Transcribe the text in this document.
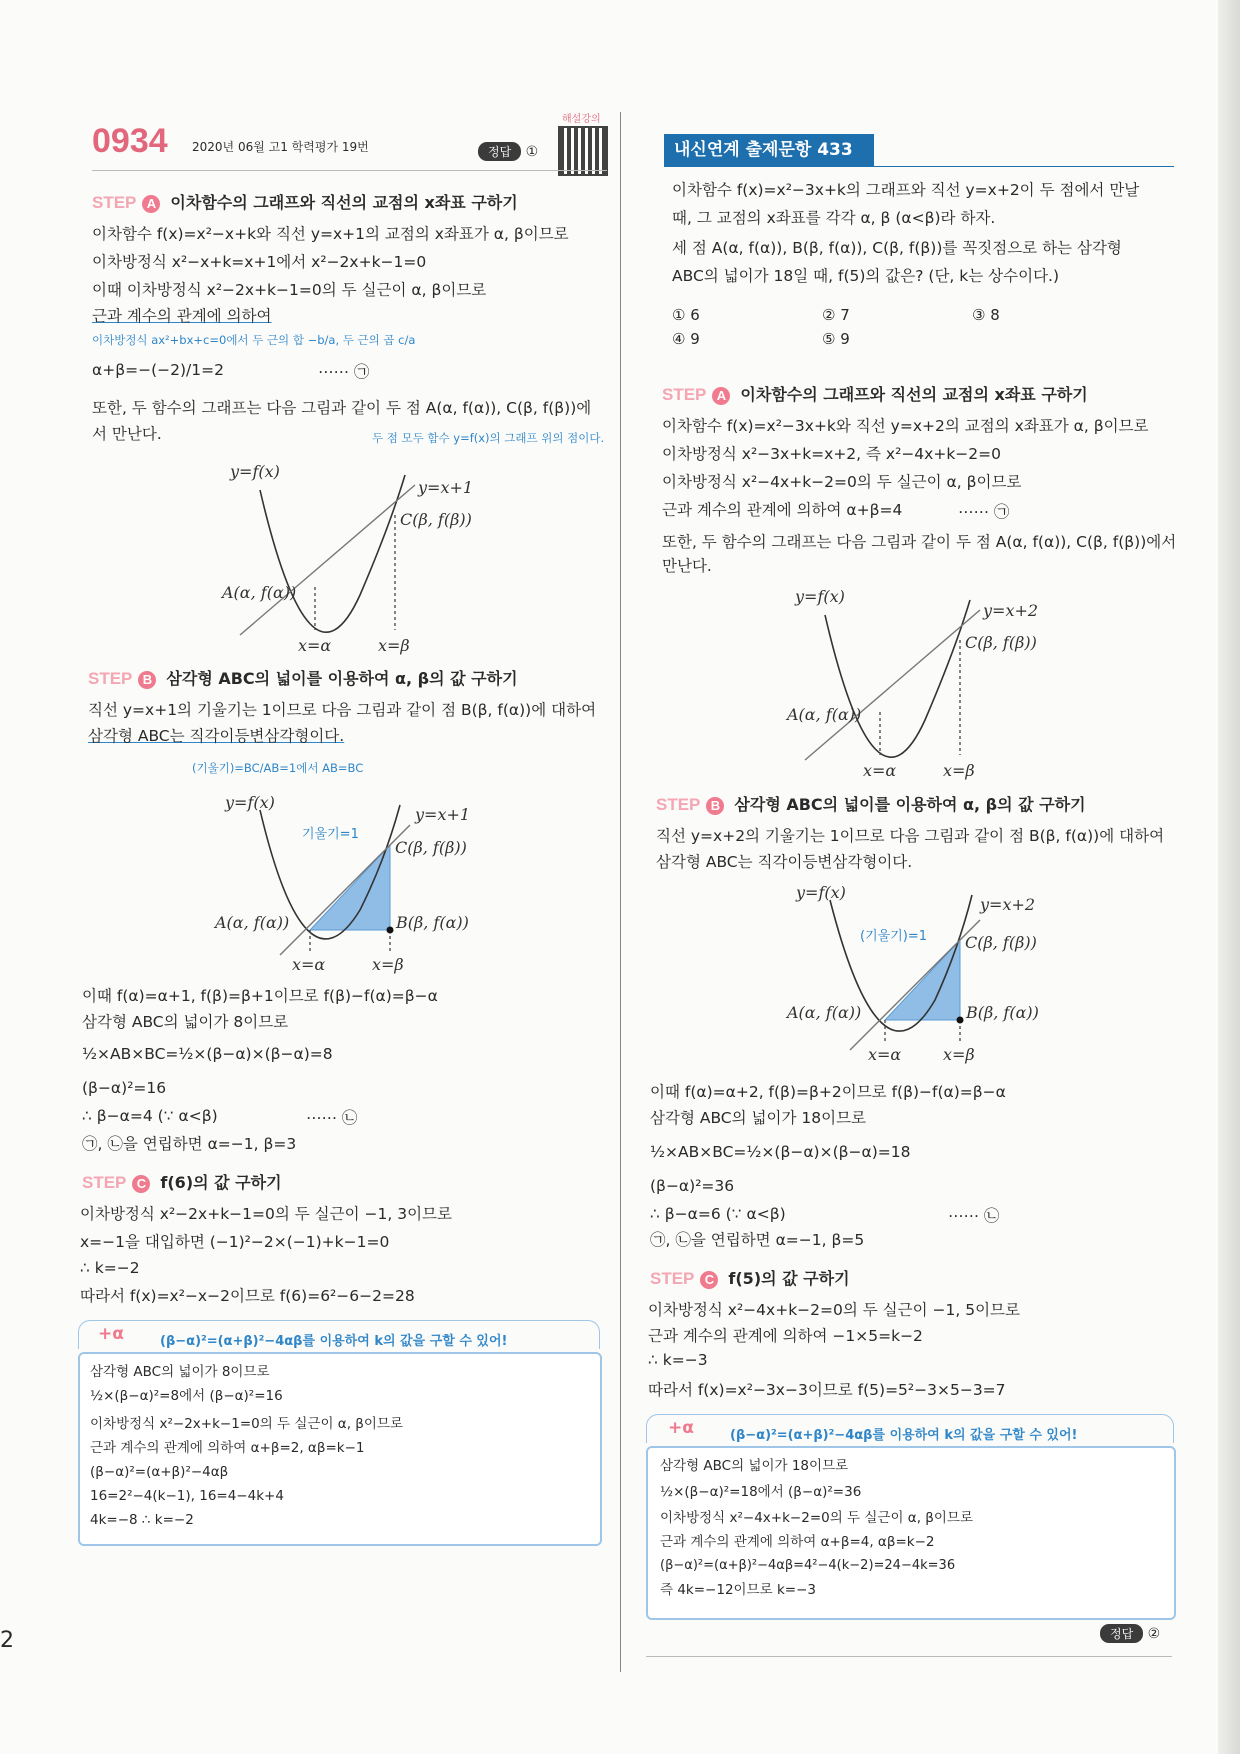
0934 2020년 06월 고1 학력평가 19번	정답 ①
해설강의
STEP A 이차함수의 그래프와 직선의 교점의 x좌표 구하기
이차함수 f(x)=x²−x+k와 직선 y=x+1의 교점의 x좌표가 α, β이므로
이차방정식 x²−x+k=x+1에서 x²−2x+k−1=0
이때 이차방정식 x²−2x+k−1=0의 두 실근이 α, β이므로
근과 계수의 관계에 의하여
이차방정식 ax²+bx+c=0에서 두 근의 합 −b/a, 두 근의 곱 c/a
α+β=−(−2)/1=2	⋯⋯ ㉠
또한, 두 함수의 그래프는 다음 그림과 같이 두 점 A(α, f(α)), C(β, f(β))에
서 만난다.	두 점 모두 함수 y=f(x)의 그래프 위의 점이다.
y=f(x)
y=x+1
C(β, f(β))
A(α, f(α))
x=α	x=β
STEP B 삼각형 ABC의 넓이를 이용하여 α, β의 값 구하기
직선 y=x+1의 기울기는 1이므로 다음 그림과 같이 점 B(β, f(α))에 대하여
삼각형 ABC는 직각이등변삼각형이다.
(기울기)=BC/AB=1에서 AB=BC
y=f(x)
y=x+1
기울기=1
C(β, f(β))
A(α, f(α))	B(β, f(α))
x=α	x=β
이때 f(α)=α+1, f(β)=β+1이므로 f(β)−f(α)=β−α
삼각형 ABC의 넓이가 8이므로
½×AB×BC=½×(β−α)×(β−α)=8
(β−α)²=16
∴ β−α=4 (∵ α<β)	⋯⋯ ㉡
㉠, ㉡을 연립하면 α=−1, β=3
STEP C f(6)의 값 구하기
이차방정식 x²−2x+k−1=0의 두 실근이 −1, 3이므로
x=−1을 대입하면 (−1)²−2×(−1)+k−1=0
∴ k=−2
따라서 f(x)=x²−x−2이므로 f(6)=6²−6−2=28
+α	(β−α)²=(α+β)²−4αβ를 이용하여 k의 값을 구할 수 있어!
삼각형 ABC의 넓이가 8이므로
½×(β−α)²=8에서 (β−α)²=16
이차방정식 x²−2x+k−1=0의 두 실근이 α, β이므로
근과 계수의 관계에 의하여 α+β=2, αβ=k−1
(β−α)²=(α+β)²−4αβ
16=2²−4(k−1), 16=4−4k+4
4k=−8 ∴ k=−2
내신연계 출제문항 433
이차함수 f(x)=x²−3x+k의 그래프와 직선 y=x+2이 두 점에서 만날
때, 그 교점의 x좌표를 각각 α, β (α<β)라 하자.
세 점 A(α, f(α)), B(β, f(α)), C(β, f(β))를 꼭짓점으로 하는 삼각형
ABC의 넓이가 18일 때, f(5)의 값은? (단, k는 상수이다.)
① 6	② 7	③ 8
④ 9	⑤ 9
STEP A 이차함수의 그래프와 직선의 교점의 x좌표 구하기
이차함수 f(x)=x²−3x+k와 직선 y=x+2의 교점의 x좌표가 α, β이므로
이차방정식 x²−3x+k=x+2, 즉 x²−4x+k−2=0
이차방정식 x²−4x+k−2=0의 두 실근이 α, β이므로
근과 계수의 관계에 의하여 α+β=4	⋯⋯ ㉠
또한, 두 함수의 그래프는 다음 그림과 같이 두 점 A(α, f(α)), C(β, f(β))에서
만난다.
y=f(x)
y=x+2
C(β, f(β))
A(α, f(α))
x=α	x=β
STEP B 삼각형 ABC의 넓이를 이용하여 α, β의 값 구하기
직선 y=x+2의 기울기는 1이므로 다음 그림과 같이 점 B(β, f(α))에 대하여
삼각형 ABC는 직각이등변삼각형이다.
y=f(x)
y=x+2
(기울기)=1 C(β, f(β))
A(α, f(α))	B(β, f(α))
x=α	x=β
이때 f(α)=α+2, f(β)=β+2이므로 f(β)−f(α)=β−α
삼각형 ABC의 넓이가 18이므로
½×AB×BC=½×(β−α)×(β−α)=18
(β−α)²=36
∴ β−α=6 (∵ α<β)	⋯⋯ ㉡
㉠, ㉡을 연립하면 α=−1, β=5
STEP C f(5)의 값 구하기
이차방정식 x²−4x+k−2=0의 두 실근이 −1, 5이므로
근과 계수의 관계에 의하여 −1×5=k−2
∴ k=−3
따라서 f(x)=x²−3x−3이므로 f(5)=5²−3×5−3=7
+α	(β−α)²=(α+β)²−4αβ를 이용하여 k의 값을 구할 수 있어!
삼각형 ABC의 넓이가 18이므로
½×(β−α)²=18에서 (β−α)²=36
이차방정식 x²−4x+k−2=0의 두 실근이 α, β이므로
근과 계수의 관계에 의하여 α+β=4, αβ=k−2
(β−α)²=(α+β)²−4αβ=4²−4(k−2)=24−4k=36
즉 4k=−12이므로 k=−3
정답 ②
2
